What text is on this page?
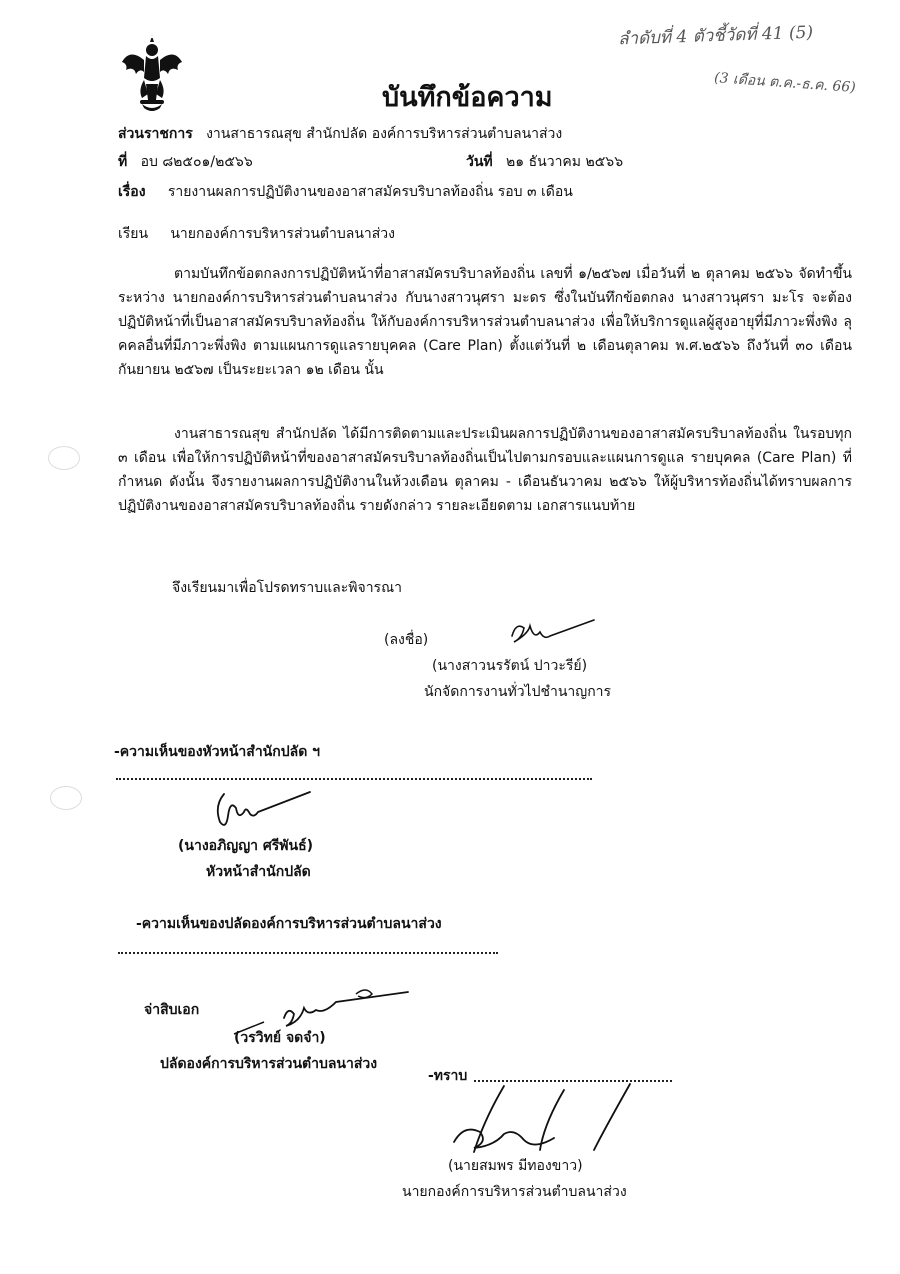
ลำดับที่ 4 ตัวชี้วัดที่ 41 (5)
(3 เดือน ต.ค.-ธ.ค. 66)
บันทึกข้อความ
ส่วนราชการ งานสาธารณสุข สำนักปลัด องค์การบริหารส่วนตำบลนาส่วง
ที่ อบ ๘๒๕๐๑/๒๕๖๖	วันที่ ๒๑ ธันวาคม ๒๕๖๖
เรื่อง รายงานผลการปฏิบัติงานของอาสาสมัครบริบาลท้องถิ่น รอบ ๓ เดือน
เรียน นายกองค์การบริหารส่วนตำบลนาส่วง

ตามบันทึกข้อตกลงการปฏิบัติหน้าที่อาสาสมัครบริบาลท้องถิ่น เลขที่ ๑/๒๕๖๗ เมื่อวันที่ ๒ ตุลาคม ๒๕๖๖ จัดทำขึ้นระหว่าง นายกองค์การบริหารส่วนตำบลนาส่วง กับนางสาวนุศรา มะดร ซึ่งในบันทึกข้อตกลง นางสาวนุศรา มะโร จะต้องปฏิบัติหน้าที่เป็นอาสาสมัครบริบาลท้องถิ่น ให้กับองค์การบริหารส่วนตำบลนาส่วง เพื่อให้บริการดูแลผู้สูงอายุที่มีภาวะพึ่งพิง ลุคคลอื่นที่มีภาวะพึ่งพิง ตามแผนการดูแลรายบุคคล (Care Plan) ตั้งแต่วันที่ ๒ เดือนตุลาคม พ.ศ.๒๕๖๖ ถึงวันที่ ๓๐ เดือน กันยายน ๒๕๖๗ เป็นระยะเวลา ๑๒ เดือน นั้น

งานสาธารณสุข สำนักปลัด ได้มีการติดตามและประเมินผลการปฏิบัติงานของอาสาสมัครบริบาลท้องถิ่น ในรอบทุก ๓ เดือน เพื่อให้การปฏิบัติหน้าที่ของอาสาสมัครบริบาลท้องถิ่นเป็นไปตามกรอบและแผนการดูแล รายบุคคล (Care Plan) ที่กำหนด ดังนั้น จึงรายงานผลการปฏิบัติงานในห้วงเดือน ตุลาคม - เดือนธันวาคม ๒๕๖๖ ให้ผู้บริหารท้องถิ่นได้ทราบผลการปฏิบัติงานของอาสาสมัครบริบาลท้องถิ่น รายดังกล่าว รายละเอียดตาม เอกสารแนบท้าย

จึงเรียนมาเพื่อโปรดทราบและพิจารณา
(ลงชื่อ)
(นางสาวนรรัตน์ ปาวะรีย์)
นักจัดการงานทั่วไปชำนาญการ
-ความเห็นของหัวหน้าสำนักปลัด ฯ
(นางอภิญญา ศรีพันธ์)
หัวหน้าสำนักปลัด
-ความเห็นของปลัดองค์การบริหารส่วนตำบลนาส่วง
จ่าสิบเอก
(วรวิทย์ จดจำ)
ปลัดองค์การบริหารส่วนตำบลนาส่วง
-ทราบ
(นายสมพร มีทองขาว)
นายกองค์การบริหารส่วนตำบลนาส่วง
